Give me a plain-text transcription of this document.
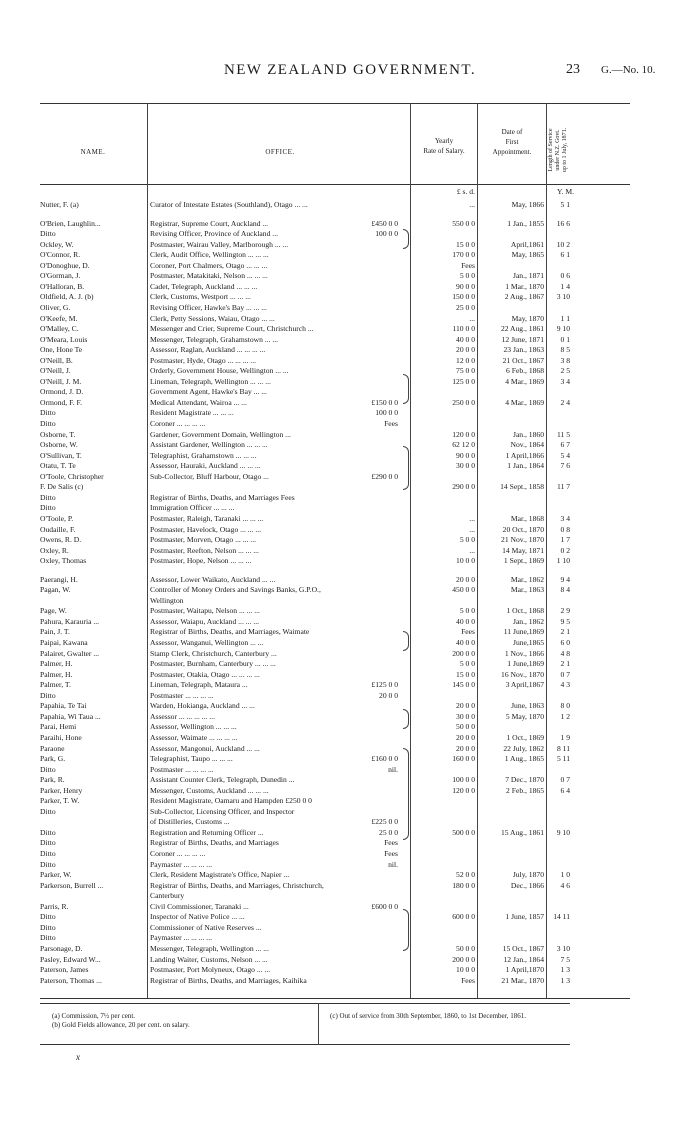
NEW ZEALAND GOVERNMENT.	23 G.—No. 10.
NAME.	OFFICE.
Yearly
Rate of Salary.
Date of
First
Appointment.	Length of Service under N.Z. Govt. up to 1 July, 1871.
£ s. d.	Y. M.
Nutter, F. (a)	Curator of Intestate Estates (Southland), Otago ... ...	...	May, 1866	5 1
O'Brien, Laughlin...	Registrar, Supreme Court, Auckland ...	£450 0 0	550 0 0	1 Jan., 1855	16 6
Ditto	Revising Officer, Province of Auckland ...	100 0 0
Ockley, W.	Postmaster, Wairau Valley, Marlborough ... ...	15 0 0	April,1861	10 2
O'Connor, R.	Clerk, Audit Office, Wellington ... ... ...	170 0 0	May, 1865	6 1
O'Donoghue, D.	Coroner, Port Chalmers, Otago ... ... ...	Fees
O'Gorman, J.	Postmaster, Matakitaki, Nelson ... ... ...	5 0 0	Jan., 1871	0 6
O'Halloran, B.	Cadet, Telegraph, Auckland ... ... ...	90 0 0	1 Mar., 1870	1 4
Oldfield, A. J. (b)	Clerk, Customs, Westport ... ... ...	150 0 0	2 Aug., 1867	3 10
Oliver, G.	Revising Officer, Hawke's Bay ... ... ...	25 0 0
O'Keefe, M.	Clerk, Petty Sessions, Waiau, Otago ... ...	...	May, 1870	1 1
O'Malley, C.	Messenger and Crier, Supreme Court, Christchurch ...	110 0 0	22 Aug., 1861	9 10
O'Meara, Louis	Messenger, Telegraph, Grahamstown ... ...	40 0 0	12 June, 1871	0 1
One, Hone Te	Assessor, Raglan, Auckland ... ... ... ...	20 0 0	23 Jan., 1863	8 5
O'Neill, B.	Postmaster, Hyde, Otago ... ... ... ...	12 0 0	21 Oct., 1867	3 8
O'Neill, J.	Orderly, Government House, Wellington ... ...	75 0 0	6 Feb., 1868	2 5
O'Neill, J. M.	Lineman, Telegraph, Wellington ... ... ...	125 0 0	4 Mar., 1869	3 4
Ormond, J. D.	Government Agent, Hawke's Bay ... ...
Ormond, F. F.	Medical Attendant, Wairoa ... ...	£150 0 0	250 0 0	4 Mar., 1869	2 4
Ditto	Resident Magistrate ... ... ...	100 0 0
Ditto	Coroner ... ... ... ...	Fees
Osborne, T.	Gardener, Government Domain, Wellington ...	120 0 0	Jan., 1860	11 5
Osborne, W.	Assistant Gardener, Wellington ... ... ...	62 12 0	Nov., 1864	6 7
O'Sullivan, T.	Telegraphist, Grahamstown ... ... ...	90 0 0	1 April,1866	5 4
Otatu, T. Te	Assessor, Hauraki, Auckland ... ... ...	30 0 0	1 Jan., 1864	7 6
O'Toole, Christopher	Sub-Collector, Bluff Harbour, Otago ...	£290 0 0
F. De Salis (c)	290 0 0	14 Sept., 1858	11 7
Ditto	Registrar of Births, Deaths, and Marriages Fees
Ditto	Immigration Officer ... ... ...
O'Toole, P.	Postmaster, Raleigh, Taranaki ... ... ...	...	Mar., 1868	3 4
Oudaille, F.	Postmaster, Havelock, Otago ... ... ...	...	20 Oct., 1870	0 8
Owens, R. D.	Postmaster, Morven, Otago ... ... ...	5 0 0	21 Nov., 1870	1 7
Oxley, R.	Postmaster, Reefton, Nelson ... ... ...	...	14 May, 1871	0 2
Oxley, Thomas	Postmaster, Hope, Nelson ... ... ...	10 0 0	1 Sept., 1869	1 10
Paerangi, H.	Assessor, Lower Waikato, Auckland ... ...	20 0 0	Mar., 1862	9 4
Pagan, W.	Controller of Money Orders and Savings Banks, G.P.O.,	450 0 0	Mar., 1863	8 4
Wellington
Page, W.	Postmaster, Waitapu, Nelson ... ... ...	5 0 0	1 Oct., 1868	2 9
Pahura, Karauria ...	Assessor, Waiapu, Auckland ... ... ...	40 0 0	Jan., 1862	9 5
Pain, J. T.	Registrar of Births, Deaths, and Marriages, Waimate	Fees	11 June,1869	2 1
Paipai, Kawana	Assessor, Wanganui, Wellington ... ...	40 0 0	June,1865	6 0
Palairet, Gwalter ...	Stamp Clerk, Christchurch, Canterbury ...	200 0 0	1 Nov., 1866	4 8
Palmer, H.	Postmaster, Burnham, Canterbury ... ... ...	5 0 0	1 June,1869	2 1
Palmer, H.	Postmaster, Otakia, Otago ... ... ... ...	15 0 0	16 Nov., 1870	0 7
Palmer, T.	Lineman, Telegraph, Mataura ...	£125 0 0	145 0 0	3 April,1867	4 3
Ditto	Postmaster ... ... ... ...	20 0 0
Papahia, Te Tai	Warden, Hokianga, Auckland ... ...	20 0 0	June, 1863	8 0
Papahia, Wi Taua ...	Assessor ... ... ... ... ...	30 0 0	5 May, 1870	1 2
Parai, Hemi	Assessor, Wellington ... ... ...	50 0 0
Paraihi, Hone	Assessor, Waimate ... ... ... ...	20 0 0	1 Oct., 1869	1 9
Paraone	Assessor, Mangonui, Auckland ... ...	20 0 0	22 July, 1862	8 11
Park, G.	Telegraphist, Taupo ... ... ...	£160 0 0	160 0 0	1 Aug., 1865	5 11
Ditto	Postmaster ... ... ... ...	nil.
Park, R.	Assistant Counter Clerk, Telegraph, Dunedin ...	100 0 0	7 Dec., 1870	0 7
Parker, Henry	Messenger, Customs, Auckland ... ... ...	120 0 0	2 Feb., 1865	6 4
Parker, T. W.	Resident Magistrate, Oamaru and Hampden £250 0 0
Ditto	Sub-Collector, Licensing Officer, and Inspector
of Distilleries, Customs ...	£225 0 0
Ditto	Registration and Returning Officer ...	25 0 0	500 0 0	15 Aug., 1861	9 10
Ditto	Registrar of Births, Deaths, and Marriages	Fees
Ditto	Coroner ... ... ... ...	Fees
Ditto	Paymaster ... ... ... ...	nil.
Parker, W.	Clerk, Resident Magistrate's Office, Napier ...	52 0 0	July, 1870	1 0
Parkerson, Burrell ...	Registrar of Births, Deaths, and Marriages, Christchurch,	180 0 0	Dec., 1866	4 6
Canterbury
Parris, R.	Civil Commissioner, Taranaki ...	£600 0 0
Ditto	Inspector of Native Police ... ...	600 0 0	1 June, 1857	14 11
Ditto	Commissioner of Native Reserves ...
Ditto	Paymaster ... ... ... ...
Parsonage, D.	Messenger, Telegraph, Wellington ... ...	50 0 0	15 Oct., 1867	3 10
Pasley, Edward W...	Landing Waiter, Customs, Nelson ... ...	200 0 0	12 Jan., 1864	7 5
Paterson, James	Postmaster, Port Molyneux, Otago ... ...	10 0 0	1 April,1870	1 3
Paterson, Thomas ...	Registrar of Births, Deaths, and Marriages, Kaihika	Fees	21 Mar., 1870	1 3
(a) Commission, 7½ per cent.
(b) Gold Fields allowance, 20 per cent. on salary.
(c) Out of service from 30th September, 1860, to 1st December, 1861.
x
